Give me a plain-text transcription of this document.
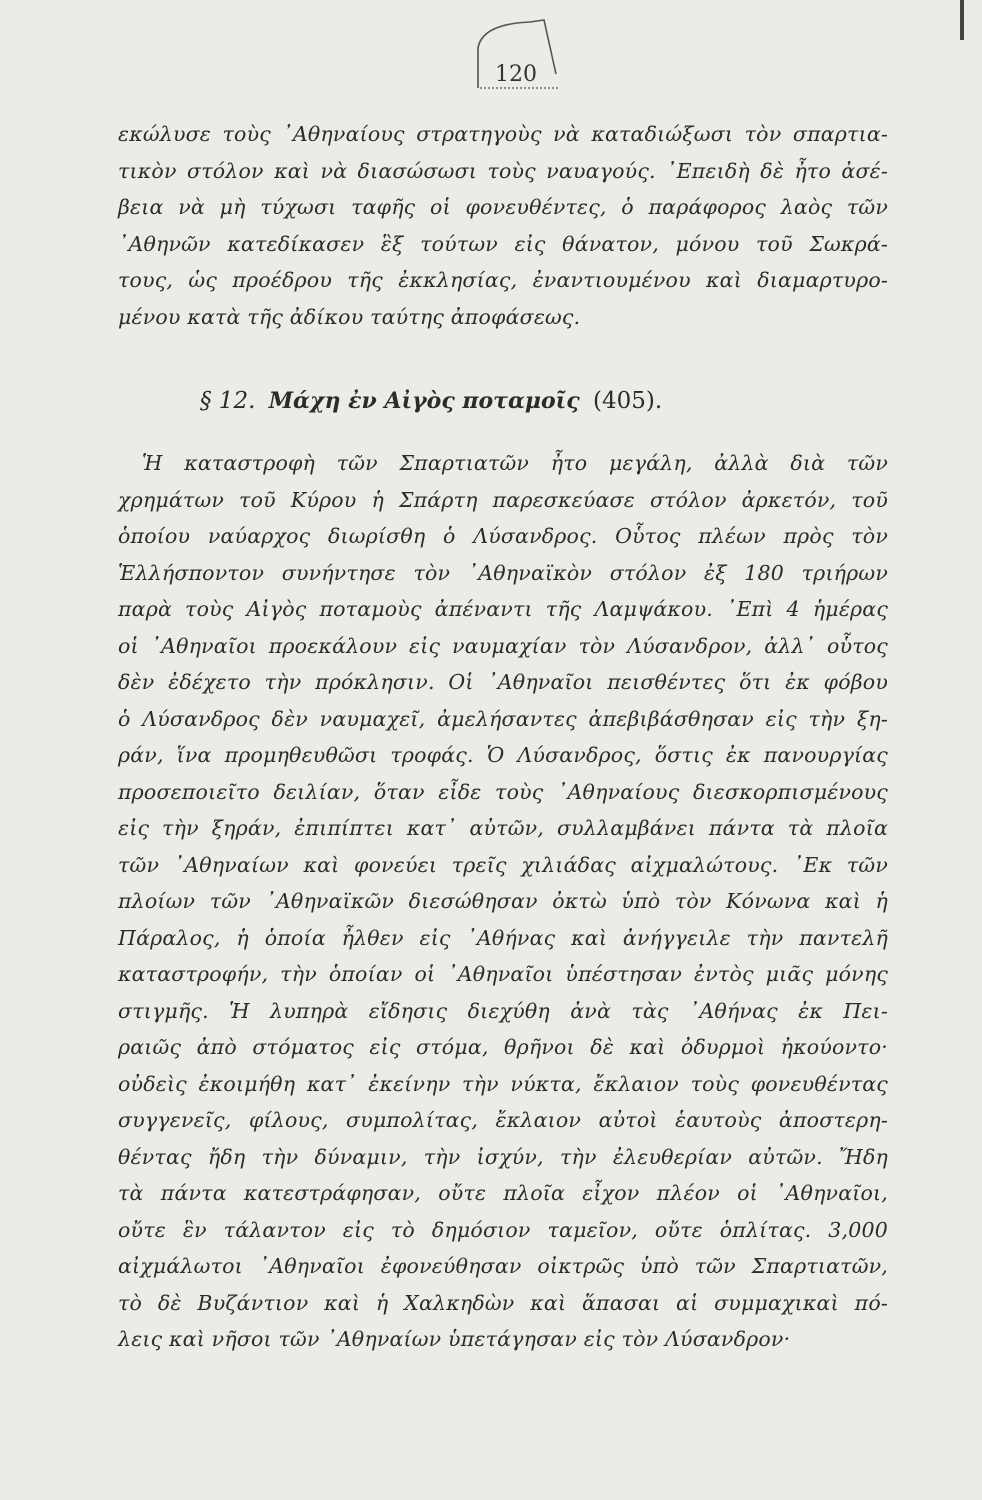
120
εκώλυσε τοὺς ᾿Αθηναίους στρατηγοὺς νὰ καταδιώξωσι τὸν σπαρτια-
τικὸν στόλον καὶ νὰ διασώσωσι τοὺς ναυαγούς. ᾿Επειδὴ δὲ ἦτο ἀσέ-
βεια νὰ μὴ τύχωσι ταφῆς οἱ φονευθέντες, ὁ παράφορος λαὸς τῶν
᾿Αθηνῶν κατεδίκασεν ἓξ τούτων εἰς θάνατον, μόνου τοῦ Σωκρά-
τους, ὡς προέδρου τῆς ἐκκλησίας, ἐναντιουμένου καὶ διαμαρτυρο-
μένου κατὰ τῆς ἀδίκου ταύτης ἀποφάσεως.
§ 12. Μάχη ἐν Αἰγὸς ποταμοῖς (405).
Ἡ καταστροφὴ τῶν Σπαρτιατῶν ἦτο μεγάλη, ἀλλὰ διὰ τῶν
χρημάτων τοῦ Κύρου ἡ Σπάρτη παρεσκεύασε στόλον ἀρκετόν, τοῦ
ὁποίου ναύαρχος διωρίσθη ὁ Λύσανδρος. Οὗτος πλέων πρὸς τὸν
Ἑλλήσποντον συνήντησε τὸν ᾿Αθηναϊκὸν στόλον ἐξ 180 τριήρων
παρὰ τοὺς Αἰγὸς ποταμοὺς ἀπέναντι τῆς Λαμψάκου. ᾿Επὶ 4 ἡμέρας
οἱ ᾿Αθηναῖοι προεκάλουν εἰς ναυμαχίαν τὸν Λύσανδρον, ἀλλ᾿ οὗτος
δὲν ἐδέχετο τὴν πρόκλησιν. Οἱ ᾿Αθηναῖοι πεισθέντες ὅτι ἐκ φόβου
ὁ Λύσανδρος δὲν ναυμαχεῖ, ἀμελήσαντες ἀπεβιβάσθησαν εἰς τὴν ξη-
ράν, ἵνα προμηθευθῶσι τροφάς. Ὁ Λύσανδρος, ὅστις ἐκ πανουργίας
προσεποιεῖτο δειλίαν, ὅταν εἶδε τοὺς ᾿Αθηναίους διεσκορπισμένους
εἰς τὴν ξηράν, ἐπιπίπτει κατ᾿ αὐτῶν, συλλαμβάνει πάντα τὰ πλοῖα
τῶν ᾿Αθηναίων καὶ φονεύει τρεῖς χιλιάδας αἰχμαλώτους. ᾿Εκ τῶν
πλοίων τῶν ᾿Αθηναϊκῶν διεσώθησαν ὀκτὼ ὑπὸ τὸν Κόνωνα καὶ ἡ
Πάραλος, ἡ ὁποία ἦλθεν εἰς ᾿Αθήνας καὶ ἀνήγγειλε τὴν παντελῆ
καταστροφήν, τὴν ὁποίαν οἱ ᾿Αθηναῖοι ὑπέστησαν ἐντὸς μιᾶς μόνης
στιγμῆς. Ἡ λυπηρὰ εἴδησις διεχύθη ἀνὰ τὰς ᾿Αθήνας ἐκ Πει-
ραιῶς ἀπὸ στόματος εἰς στόμα, θρῆνοι δὲ καὶ ὀδυρμοὶ ἠκούοντο·
οὐδεὶς ἐκοιμήθη κατ᾿ ἐκείνην τὴν νύκτα, ἔκλαιον τοὺς φονευθέντας
συγγενεῖς, φίλους, συμπολίτας, ἔκλαιον αὐτοὶ ἑαυτοὺς ἀποστερη-
θέντας ἤδη τὴν δύναμιν, τὴν ἰσχύν, τὴν ἐλευθερίαν αὐτῶν. Ἤδη
τὰ πάντα κατεστράφησαν, οὔτε πλοῖα εἶχον πλέον οἱ ᾿Αθηναῖοι,
οὔτε ἓν τάλαντον εἰς τὸ δημόσιον ταμεῖον, οὔτε ὁπλίτας. 3,000
αἰχμάλωτοι ᾿Αθηναῖοι ἐφονεύθησαν οἰκτρῶς ὑπὸ τῶν Σπαρτιατῶν,
τὸ δὲ Βυζάντιον καὶ ἡ Χαλκηδὼν καὶ ἅπασαι αἱ συμμαχικαὶ πό-
λεις καὶ νῆσοι τῶν ᾿Αθηναίων ὑπετάγησαν εἰς τὸν Λύσανδρον·
